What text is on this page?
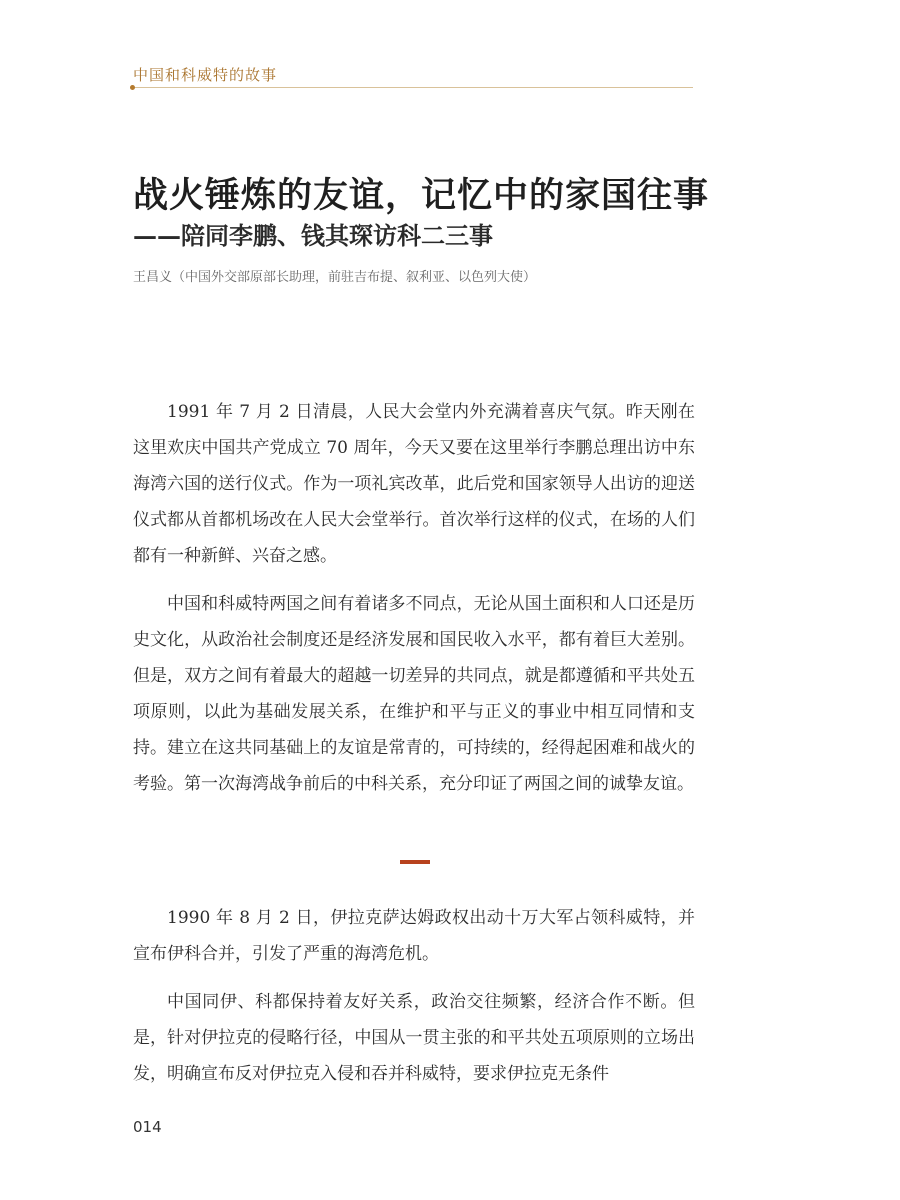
中国和科威特的故事
战火锤炼的友谊，记忆中的家国往事
——陪同李鹏、钱其琛访科二三事
王昌义（中国外交部原部长助理，前驻吉布提、叙利亚、以色列大使）

1991 年 7 月 2 日清晨，人民大会堂内外充满着喜庆气氛。昨天刚在这里欢庆中国共产党成立 70 周年，今天又要在这里举行李鹏总理出访中东海湾六国的送行仪式。作为一项礼宾改革，此后党和国家领导人出访的迎送仪式都从首都机场改在人民大会堂举行。首次举行这样的仪式，在场的人们都有一种新鲜、兴奋之感。

中国和科威特两国之间有着诸多不同点，无论从国土面积和人口还是历史文化，从政治社会制度还是经济发展和国民收入水平，都有着巨大差别。但是，双方之间有着最大的超越一切差异的共同点，就是都遵循和平共处五项原则，以此为基础发展关系，在维护和平与正义的事业中相互同情和支持。建立在这共同基础上的友谊是常青的，可持续的，经得起困难和战火的考验。第一次海湾战争前后的中科关系，充分印证了两国之间的诚挚友谊。

1990 年 8 月 2 日，伊拉克萨达姆政权出动十万大军占领科威特，并宣布伊科合并，引发了严重的海湾危机。

中国同伊、科都保持着友好关系，政治交往频繁，经济合作不断。但是，针对伊拉克的侵略行径，中国从一贯主张的和平共处五项原则的立场出发，明确宣布反对伊拉克入侵和吞并科威特，要求伊拉克无条件

014
